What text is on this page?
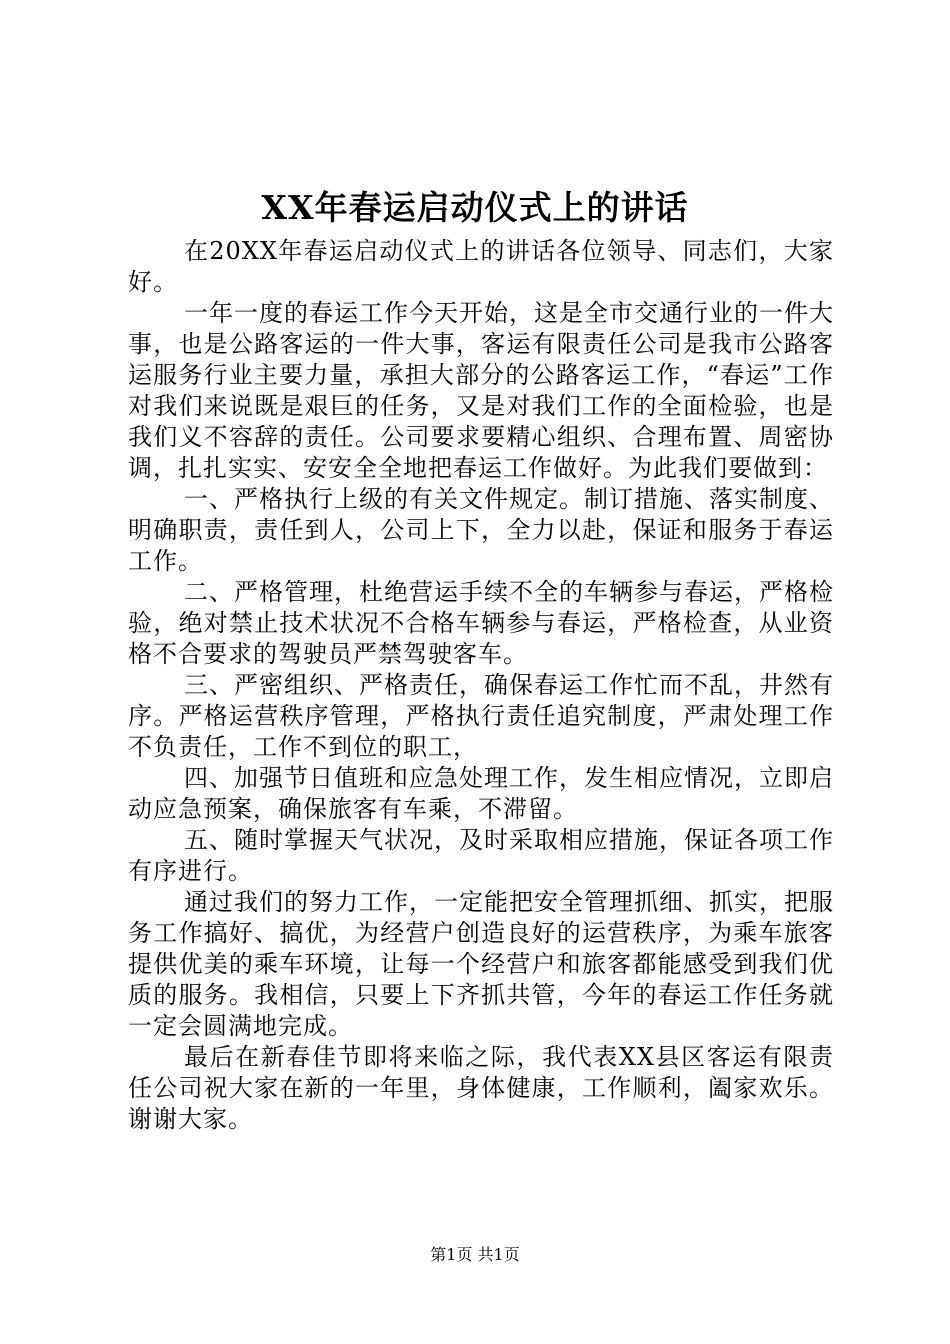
XX年春运启动仪式上的讲话

在20XX年春运启动仪式上的讲话各位领导、同志们，大家好。

一年一度的春运工作今天开始，这是全市交通行业的一件大事，也是公路客运的一件大事，客运有限责任公司是我市公路客运服务行业主要力量，承担大部分的公路客运工作，“春运”工作对我们来说既是艰巨的任务，又是对我们工作的全面检验，也是我们义不容辞的责任。公司要求要精心组织、合理布置、周密协调，扎扎实实、安安全全地把春运工作做好。为此我们要做到：

一、严格执行上级的有关文件规定。制订措施、落实制度、明确职责，责任到人，公司上下，全力以赴，保证和服务于春运工作。

二、严格管理，杜绝营运手续不全的车辆参与春运，严格检验，绝对禁止技术状况不合格车辆参与春运，严格检查，从业资格不合要求的驾驶员严禁驾驶客车。

三、严密组织、严格责任，确保春运工作忙而不乱，井然有序。严格运营秩序管理，严格执行责任追究制度，严肃处理工作不负责任，工作不到位的职工，

四、加强节日值班和应急处理工作，发生相应情况，立即启动应急预案，确保旅客有车乘，不滞留。

五、随时掌握天气状况，及时采取相应措施，保证各项工作有序进行。

通过我们的努力工作，一定能把安全管理抓细、抓实，把服务工作搞好、搞优，为经营户创造良好的运营秩序，为乘车旅客提供优美的乘车环境，让每一个经营户和旅客都能感受到我们优质的服务。我相信，只要上下齐抓共管，今年的春运工作任务就一定会圆满地完成。

最后在新春佳节即将来临之际，我代表XX县区客运有限责任公司祝大家在新的一年里，身体健康，工作顺利，阖家欢乐。谢谢大家。

第1页 共1页
